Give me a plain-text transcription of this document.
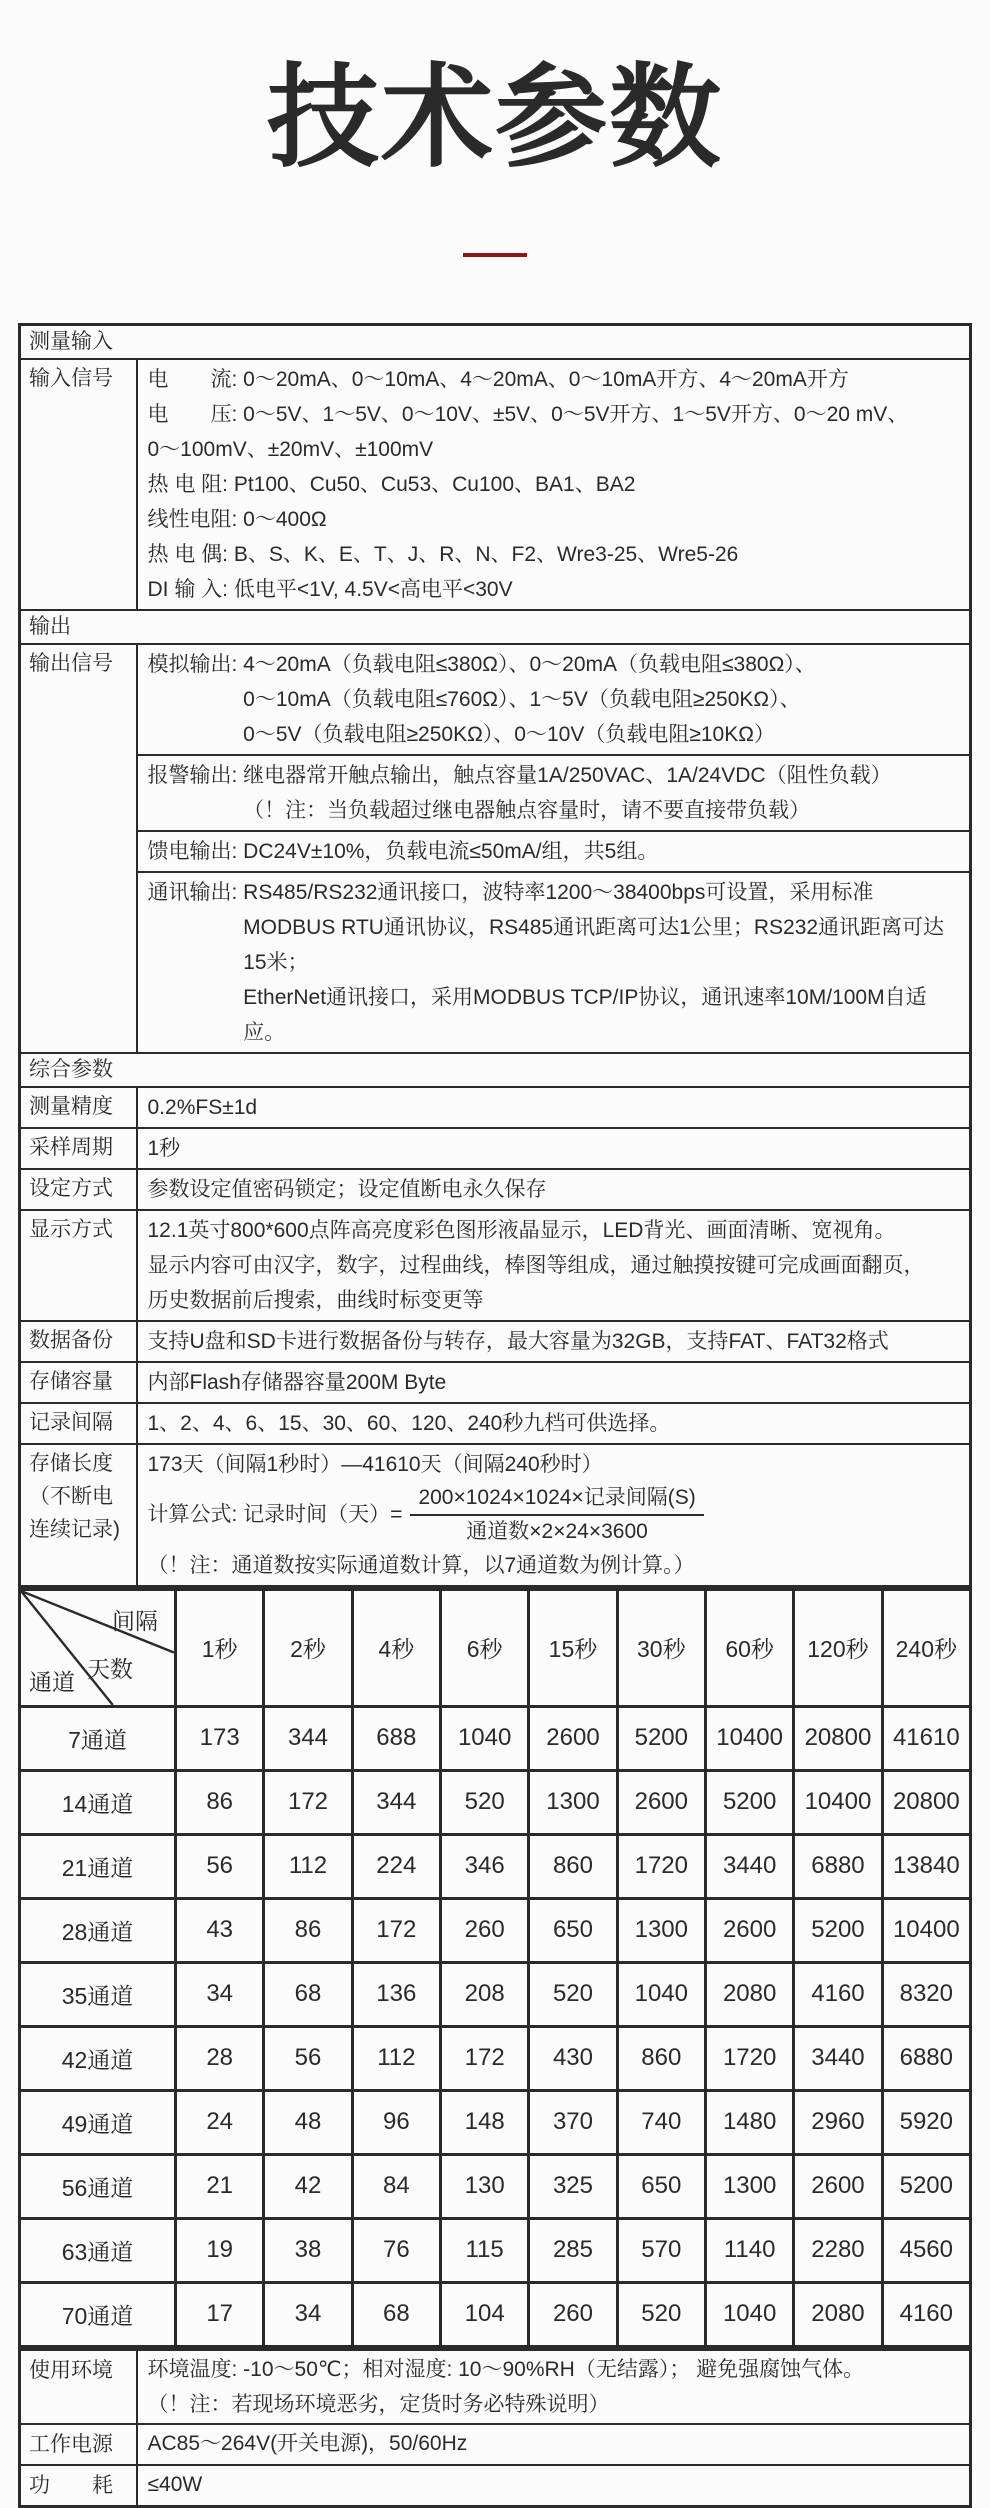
技术参数
测量输入	

输入信号	电　　流: 0～20mA、0～10mA、4～20mA、0～10mA开方、4～20mA开方
电　　压: 0～5V、1～5V、0～10V、±5V、0～5V开方、1～5V开方、0～20 mV、
0～100mV、±20mV、±100mV
热 电 阻: Pt100、Cu50、Cu53、Cu100、BA1、BA2
线性电阻: 0～400Ω
热 电 偶: B、S、K、E、T、J、R、N、F2、Wre3-25、Wre5-26
DI 输 入: 低电平<1V, 4.5V<高电平<30V

输出	

输出信号	模拟输出: 4～20mA（负载电阻≤380Ω）、0～20mA（负载电阻≤380Ω）、
0～10mA（负载电阻≤760Ω）、1～5V（负载电阻≥250KΩ）、
0～5V（负载电阻≥250KΩ）、0～10V（负载电阻≥10KΩ）
报警输出: 继电器常开触点输出，触点容量1A/250VAC、1A/24VDC（阻性负载）
（！注：当负载超过继电器触点容量时，请不要直接带负载）
馈电输出: DC24V±10%，负载电流≤50mA/组，共5组。
通讯输出: RS485/RS232通讯接口，波特率1200～38400bps可设置，采用标准
MODBUS RTU通讯协议，RS485通讯距离可达1公里；RS232通讯距离可达15米；
EtherNet通讯接口，采用MODBUS TCP/IP协议，通讯速率10M/100M自适应。

综合参数	

测量精度	0.2%FS±1d

采样周期	1秒

设定方式	参数设定值密码锁定；设定值断电永久保存

显示方式	12.1英寸800*600点阵高亮度彩色图形液晶显示，LED背光、画面清晰、宽视角。
显示内容可由汉字，数字，过程曲线，棒图等组成，通过触摸按键可完成画面翻页，
历史数据前后搜索，曲线时标变更等

数据备份	支持U盘和SD卡进行数据备份与转存，最大容量为32GB，支持FAT、FAT32格式

存储容量	内部Flash存储器容量200M Byte

记录间隔	1、2、4、6、15、30、60、120、240秒九档可供选择。

存储长度
（不断电
连续记录)

173天（间隔1秒时）—41610天（间隔240秒时）
计算公式: 记录时间（天）= $\frac{\text{200×1024×1024×记录间隔(S)}}{\text{通道数×2×24×3600}}$
（！注：通道数按实际通道数计算，以7通道数为例计算。）
间隔
天数
通道	1秒	2秒	4秒	6秒	15秒	30秒	60秒	120秒	240秒
7通道	173	344	688	1040	2600	5200	10400	20800	41610
14通道	86	172	344	520	1300	2600	5200	10400	20800
21通道	56	112	224	346	860	1720	3440	6880	13840
28通道	43	86	172	260	650	1300	2600	5200	10400
35通道	34	68	136	208	520	1040	2080	4160	8320
42通道	28	56	112	172	430	860	1720	3440	6880
49通道	24	48	96	148	370	740	1480	2960	5920
56通道	21	42	84	130	325	650	1300	2600	5200
63通道	19	38	76	115	285	570	1140	2280	4560
70通道	17	34	68	104	260	520	1040	2080	4160
使用环境	环境温度: -10～50℃；相对湿度: 10～90%RH（无结露）； 避免强腐蚀气体。
（！注：若现场环境恶劣，定货时务必特殊说明）

工作电源	AC85～264V(开关电源)，50/60Hz

功　　耗	≤40W
